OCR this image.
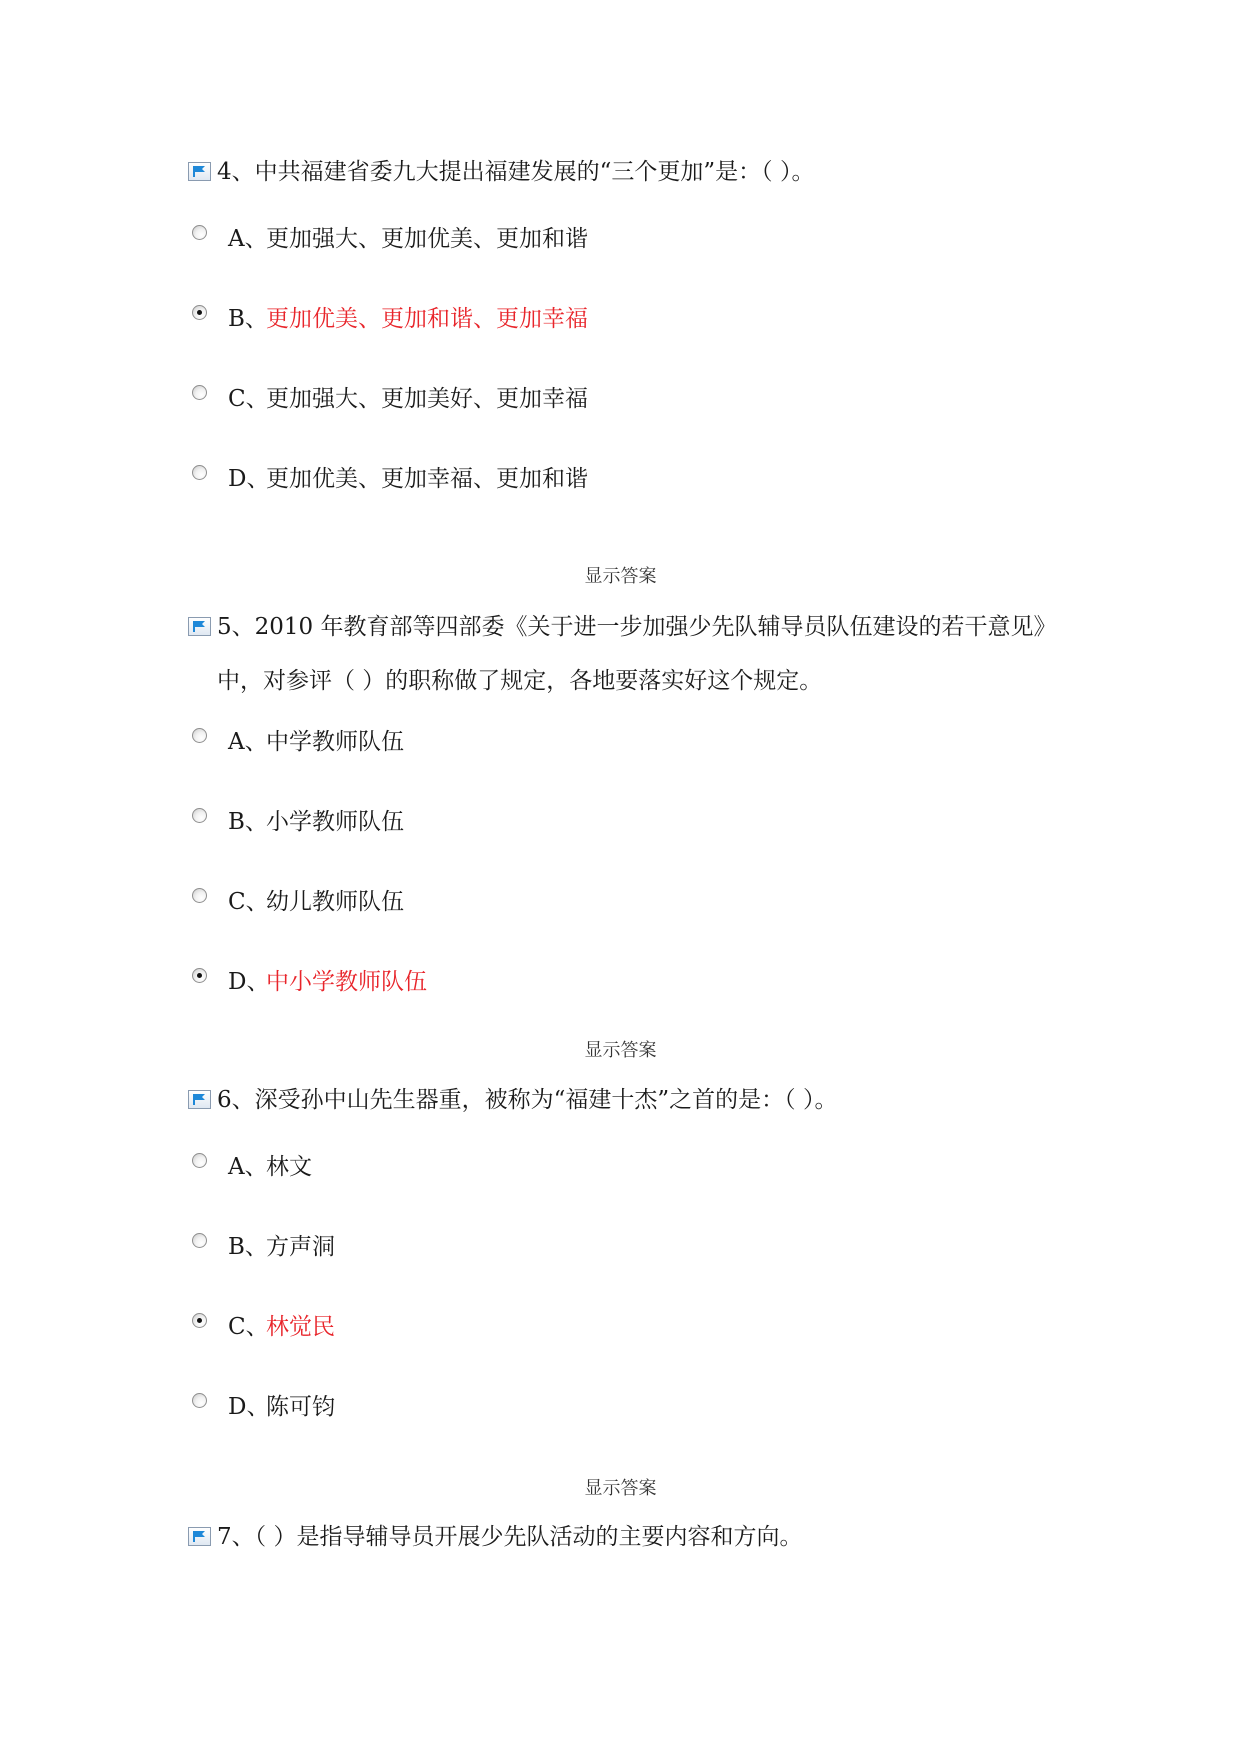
4、中共福建省委九大提出福建发展的“三个更加”是：（ ）。
A、
更加强大、更加优美、更加和谐
B、
更加优美、更加和谐、更加幸福
C、
更加强大、更加美好、更加幸福
D、
更加优美、更加幸福、更加和谐
显示答案
5、2010 年教育部等四部委《关于进一步加强少先队辅导员队伍建设的若干意见》中，对参评（ ）的职称做了规定，各地要落实好这个规定。
A、
中学教师队伍
B、
小学教师队伍
C、
幼儿教师队伍
D、
中小学教师队伍
显示答案
6、深受孙中山先生器重，被称为“福建十杰”之首的是：（ ）。
A、
林文
B、
方声洞
C、
林觉民
D、
陈可钧
显示答案
7、（ ）是指导辅导员开展少先队活动的主要内容和方向。
